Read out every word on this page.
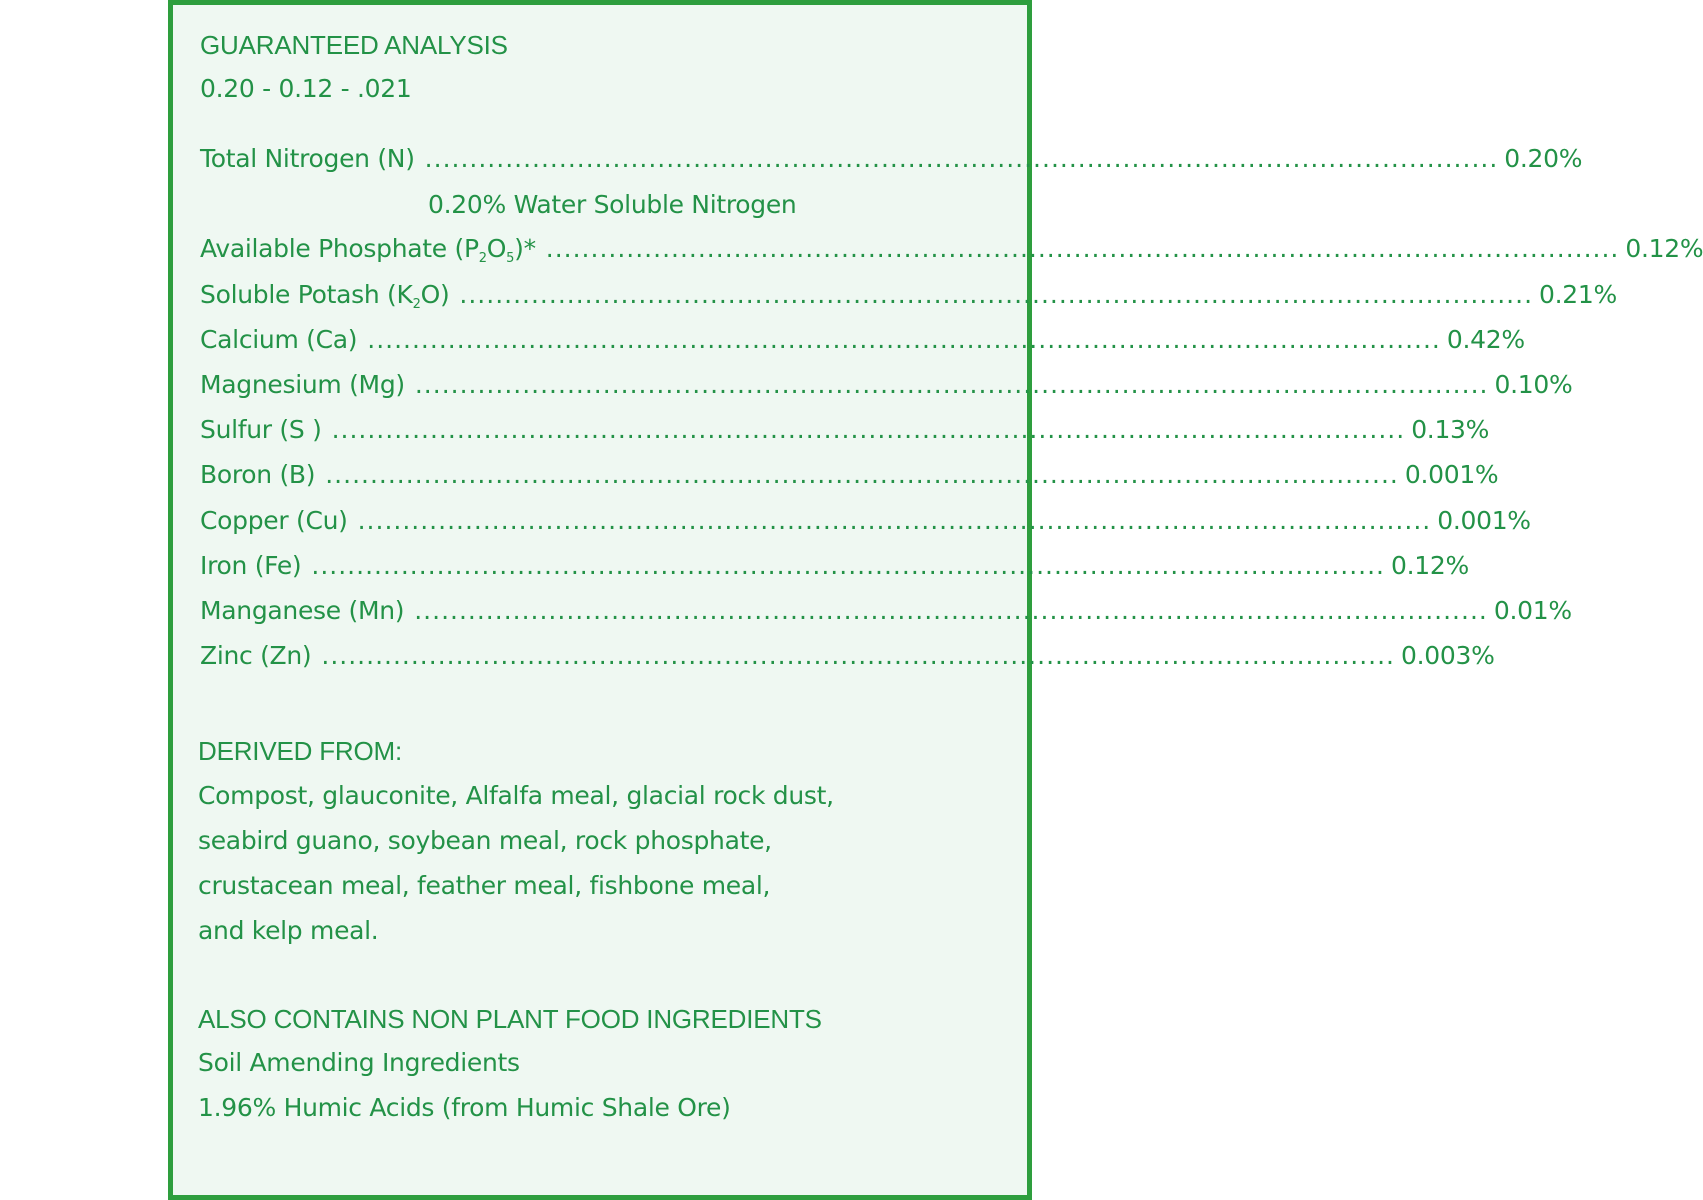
GUARANTEED ANALYSIS
0.20 - 0.12 - .021
Total Nitrogen (N) ........................................................................................................................ 0.20%
0.20% Water Soluble Nitrogen
Available Phosphate $(P_2O_5)*$ ........................................................................................................................ 0.12%
Soluble Potash $(K_2O)$ ........................................................................................................................ 0.21%
Calcium (Ca) ........................................................................................................................ 0.42%
Magnesium (Mg) ........................................................................................................................ 0.10%
Sulfur (S ) ........................................................................................................................ 0.13%
Boron (B) ........................................................................................................................ 0.001%
Copper (Cu) ........................................................................................................................ 0.001%
Iron (Fe) ........................................................................................................................ 0.12%
Manganese (Mn) ........................................................................................................................ 0.01%
Zinc (Zn) ........................................................................................................................ 0.003%
DERIVED FROM:
Compost, glauconite, Alfalfa meal, glacial rock dust,
seabird guano, soybean meal, rock phosphate,
crustacean meal, feather meal, fishbone meal,
and kelp meal.
ALSO CONTAINS NON PLANT FOOD INGREDIENTS
Soil Amending Ingredients
1.96% Humic Acids (from Humic Shale Ore)
